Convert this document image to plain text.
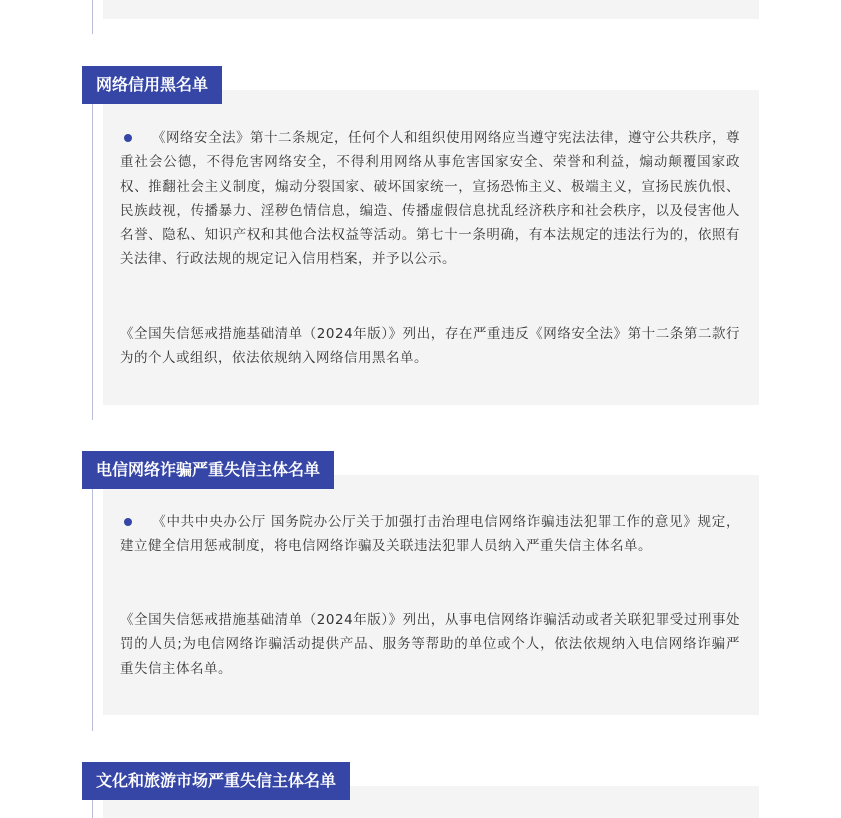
网络信用黑名单

《网络安全法》第十二条规定，任何个人和组织使用网络应当遵守宪法法律，遵守公共秩序，尊重社会公德，不得危害网络安全，不得利用网络从事危害国家安全、荣誉和利益，煽动颠覆国家政权、推翻社会主义制度，煽动分裂国家、破坏国家统一，宣扬恐怖主义、极端主义，宣扬民族仇恨、民族歧视，传播暴力、淫秽色情信息，编造、传播虚假信息扰乱经济秩序和社会秩序，以及侵害他人名誉、隐私、知识产权和其他合法权益等活动。第七十一条明确，有本法规定的违法行为的，依照有关法律、行政法规的规定记入信用档案，并予以公示。

《全国失信惩戒措施基础清单（2024年版）》列出，存在严重违反《网络安全法》第十二条第二款行为的个人或组织，依法依规纳入网络信用黑名单。

电信网络诈骗严重失信主体名单

《中共中央办公厅 国务院办公厅关于加强打击治理电信网络诈骗违法犯罪工作的意见》规定，建立健全信用惩戒制度，将电信网络诈骗及关联违法犯罪人员纳入严重失信主体名单。

《全国失信惩戒措施基础清单（2024年版）》列出，从事电信网络诈骗活动或者关联犯罪受过刑事处罚的人员;为电信网络诈骗活动提供产品、服务等帮助的单位或个人，依法依规纳入电信网络诈骗严重失信主体名单。

文化和旅游市场严重失信主体名单
